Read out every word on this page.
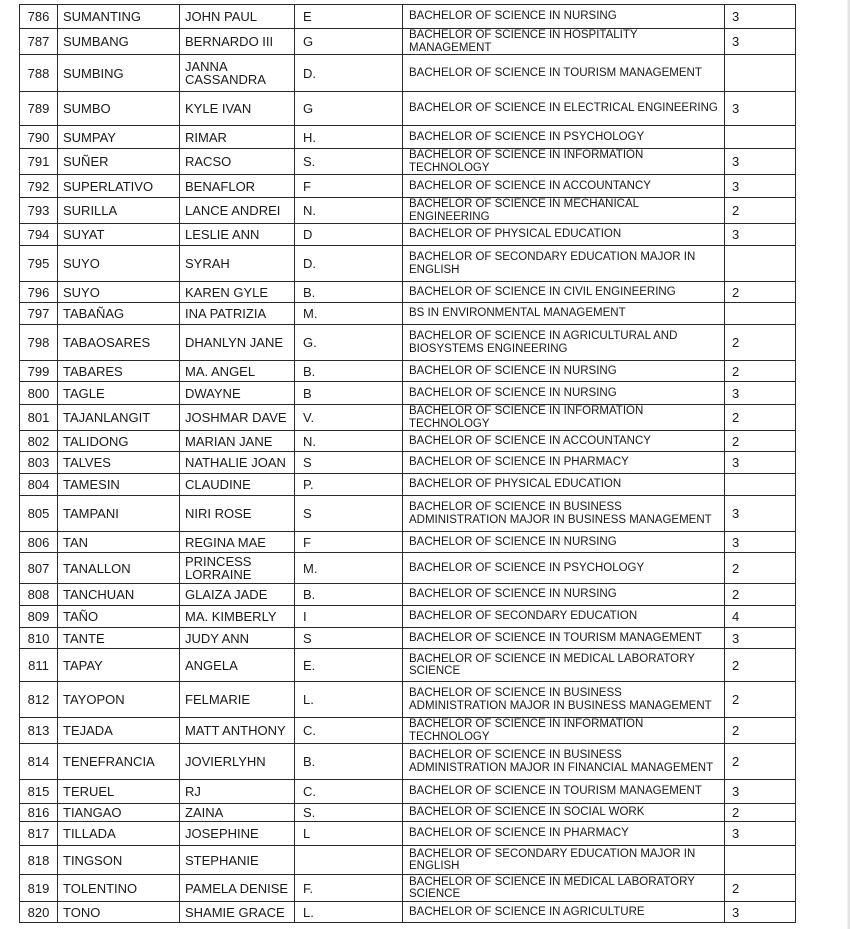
786	SUMANTING	JOHN PAUL	E	BACHELOR OF SCIENCE IN NURSING	3
787	SUMBANG	BERNARDO III	G	BACHELOR OF SCIENCE IN HOSPITALITY MANAGEMENT	3
788	SUMBING	JANNA CASSANDRA	D.	BACHELOR OF SCIENCE IN TOURISM MANAGEMENT	
789	SUMBO	KYLE IVAN	G	BACHELOR OF SCIENCE IN ELECTRICAL ENGINEERING	3
790	SUMPAY	RIMAR	H.	BACHELOR OF SCIENCE IN PSYCHOLOGY	
791	SUÑER	RACSO	S.	BACHELOR OF SCIENCE IN INFORMATION TECHNOLOGY	3
792	SUPERLATIVO	BENAFLOR	F	BACHELOR OF SCIENCE IN ACCOUNTANCY	3
793	SURILLA	LANCE ANDREI	N.	BACHELOR OF SCIENCE IN MECHANICAL ENGINEERING	2
794	SUYAT	LESLIE ANN	D	BACHELOR OF PHYSICAL EDUCATION	3
795	SUYO	SYRAH	D.	BACHELOR OF SECONDARY EDUCATION MAJOR IN ENGLISH	
796	SUYO	KAREN GYLE	B.	BACHELOR OF SCIENCE IN CIVIL ENGINEERING	2
797	TABAÑAG	INA PATRIZIA	M.	BS IN ENVIRONMENTAL MANAGEMENT	
798	TABAOSARES	DHANLYN JANE	G.	BACHELOR OF SCIENCE IN AGRICULTURAL AND BIOSYSTEMS ENGINEERING	2
799	TABARES	MA. ANGEL	B.	BACHELOR OF SCIENCE IN NURSING	2
800	TAGLE	DWAYNE	B	BACHELOR OF SCIENCE IN NURSING	3
801	TAJANLANGIT	JOSHMAR DAVE	V.	BACHELOR OF SCIENCE IN INFORMATION TECHNOLOGY	2
802	TALIDONG	MARIAN JANE	N.	BACHELOR OF SCIENCE IN ACCOUNTANCY	2
803	TALVES	NATHALIE JOAN	S	BACHELOR OF SCIENCE IN PHARMACY	3
804	TAMESIN	CLAUDINE	P.	BACHELOR OF PHYSICAL EDUCATION	
805	TAMPANI	NIRI ROSE	S	BACHELOR OF SCIENCE IN BUSINESS ADMINISTRATION MAJOR IN BUSINESS MANAGEMENT	3
806	TAN	REGINA MAE	F	BACHELOR OF SCIENCE IN NURSING	3
807	TANALLON	PRINCESS LORRAINE	M.	BACHELOR OF SCIENCE IN PSYCHOLOGY	2
808	TANCHUAN	GLAIZA JADE	B.	BACHELOR OF SCIENCE IN NURSING	2
809	TAÑO	MA. KIMBERLY	I	BACHELOR OF SECONDARY EDUCATION	4
810	TANTE	JUDY ANN	S	BACHELOR OF SCIENCE IN TOURISM MANAGEMENT	3
811	TAPAY	ANGELA	E.	BACHELOR OF SCIENCE IN MEDICAL LABORATORY SCIENCE	2
812	TAYOPON	FELMARIE	L.	BACHELOR OF SCIENCE IN BUSINESS ADMINISTRATION MAJOR IN BUSINESS MANAGEMENT	2
813	TEJADA	MATT ANTHONY	C.	BACHELOR OF SCIENCE IN INFORMATION TECHNOLOGY	2
814	TENEFRANCIA	JOVIERLYHN	B.	BACHELOR OF SCIENCE IN BUSINESS ADMINISTRATION MAJOR IN FINANCIAL MANAGEMENT	2
815	TERUEL	RJ	C.	BACHELOR OF SCIENCE IN TOURISM MANAGEMENT	3
816	TIANGAO	ZAINA	S.	BACHELOR OF SCIENCE IN SOCIAL WORK	2
817	TILLADA	JOSEPHINE	L	BACHELOR OF SCIENCE IN PHARMACY	3
818	TINGSON	STEPHANIE		BACHELOR OF SECONDARY EDUCATION MAJOR IN ENGLISH	
819	TOLENTINO	PAMELA DENISE	F.	BACHELOR OF SCIENCE IN MEDICAL LABORATORY SCIENCE	2
820	TONO	SHAMIE GRACE	L.	BACHELOR OF SCIENCE IN AGRICULTURE	3
